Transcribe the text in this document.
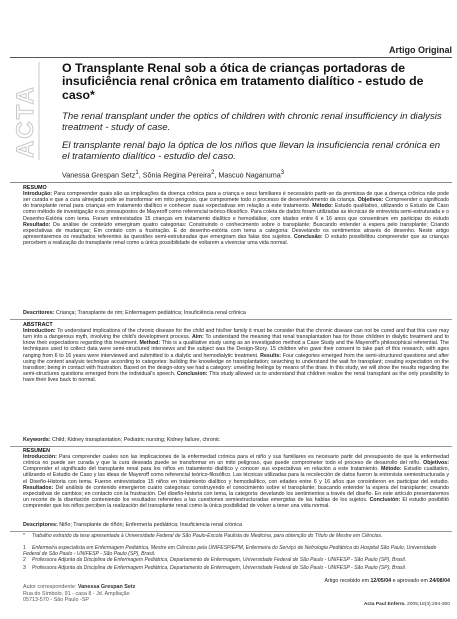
Artigo Original
ACTA
O Transplante Renal sob a ótica de crianças portadoras de insuficiência renal crônica em tratamento dialítico - estudo de caso*
The renal transplant under the optics of children with chronic renal insufficiency in dialysis treatment - study of case.
El transplante renal bajo la óptica de los niños que llevan la insuficiencia renal crónica en el tratamiento dialítico - estudio del caso.
Vanessa Grespan Setz$^1$, Sônia Regina Pereira$^2$, Mascuo Naganuma$^3$
RESUMO
Introdução: Para compreender quais são as implicações da doença crônica para a criança e seus familiares é necessário partir-se da premissa de que a doença crônica não pode ser curada e que a cura almejada pode se transformar em mito perigoso, que compromete todo o processo de desenvolvimento da criança. Objetivos: Compreender o significado do transplante renal para crianças em tratamento dialítico e conhecer suas expectativas em relação a este tratamento. Método: Estudo qualitativo, utilizando o Estudo de Caso como método de investigação e os pressupostos de Mayeroff como referencial teórico-filosófico. Para coleta de dados foram utilizadas as técnicas de entrevista semi-estruturada e o Desenho-Estória com tema. Foram entrevistados 15 crianças em tratamento dialítico e hemodiálise, com idades entre 6 e 16 anos que consentiram em participar do estudo Resultado: Da análise de conteúdo emergiram quatro categorias: Construindo o conhecimento sobre o transplante; Buscando entender a espera pelo transplante; Criando expectativas de mudanças; Em contato com a frustração. E do desenho-estória com tema a categoria: Desvelando os sentimentos através do desenho. Neste artigo apresentaremos os resultados referentes às questões semi-estruturadas que emergiram das falas dos sujeitos. Conclusão: O estudo possibilitou compreender que as crianças percebem a realização do transplante renal como a única possibilidade de voltarem a vivenciar uma vida normal.
Descritores: Criança; Transplante de rim; Enfermagem pediátrica; Insuficiência renal crônica
ABSTRACT
Introduction: To understand implications of the chronic disease for the child and his/her family it must be consider that the chronic disease can not be cured and that this cure may turn into a dangerous myth, involving the child's development process. Aim: To understand the meaning that renal transplantation has for those children in dialytic treatment and to know their expectations regarding this treatment. Method: This is a qualitative study using as an investigation method a Case Study and the Mayeroff's philosophical referential. The techniques used to collect data were semi-structured interviews and the subject was the Design-Story. 15 children who gave their consent to take part of this research, with ages ranging from 6 to 16 years were interviewed and submitted to a dialytic and hemodialytic treatment. Results: Four categories emerged from the semi-structured questions and after using the content analysis technique according to categories: building the knowledge on transplantation; searching to understand the wait for transplant; creating expectation on the transition; being in contact with frustration. Based on the design-story we had a category: unveiling feelings by means of the draw. In this study, we will show the results regarding the semi-structures questions emerged from the individual's speech. Conclusion: This study allowed us to understand that children realize the renal transplant as the only possibility to have their lives back to normal.
Keywords: Child; Kidney transplantation; Pediatric nursing; Kidney failure, chronic
RESUMEN
Introducción: Para comprender cuales son las implicaciones de la enfermedad crónica para el niño y sus familiares es necesario partir del presupuesto de que la enfermedad crónica no puede ser curada y que la cura deseada puede se transformar en un mito peligroso, que puede comprometer todo el proceso de desarrollo del niño. Objetivos: Comprender el significado del transplante renal para los niños en tratamiento dialítico y conocer sus expectativas en relación a este tratamiento. Método: Estudio cualitativo, utilizando el Estudio de Caso y las ideas de Mayeroff como referencial teórico-filosófico. Las técnicas utilizadas para la recolección de datos fueron la entrevista semiestructurada y el Diseño-Historia con tema. Fueron entrevistados 15 niños en tratamiento dialítico y hemodialítico, con edades entre 6 y 16 años que consintieron en participar del estudio. Resultados: Del análisis de contenido emergieron cuatro categorias: construyendo el conocimiento sobre el transplante; buscando entender la espera del transplante; creando expectativas de cambios; en contacto con la frustración. Del diseño-historia con tema, la categoría: develando los sentimientos a través del diseño. En este artículo presentaremos un recorte de la disertación conteniendo los resultados referentes a las cuestiones semiestructuradas emergidas de las hablas de los sujetos. Conclusión: El estudio posibilitó comprender que los niños perciben la realización del transplante renal como la única posibilidad de volver a tener una vida normal.
Descriptores: Niño; Transplante de riñón; Enfermería pediátrica; Insuficiencia renal crónica
* Trabalho extraído da tese apresentada à Universidade Federal de São Paulo-Escola Paulista de Medicina, para obtenção do Título de Mestre em Ciências.
1 Enfermeira especialista em Enfermagem Pediátrica, Mestre em Ciências pela UNIFESP/EPM, Enfermeira do Serviço de Nefrologia Pediátrica do Hospital São Paulo, Universidade Federal de São Paulo - UNIFESP - São Paulo (SP), Brasil.
2 Professora Adjunta da Disciplina de Enfermagem Pediátrica, Departamento de Enfermagem, Universidade Federal de São Paulo - UNIFESP - São Paulo (SP), Brasil.
3 Professora Adjunta da Disciplina de Enfermagem Pediátrica, Departamento de Enfermagem, Universidade Federal de São Paulo - UNIFESP - São Paulo (SP), Brasil.
Artigo recebido em 12/05/04 e aprovado em 24/08/04
Autor correspondente: Vanessa Grespan Setz
Rua do Símbolo, 91 - casa 8 - Jd. Ampliação
05713-570 - São Paulo -SP
Acta Paul Enferm. 2005;18(3):294-300
